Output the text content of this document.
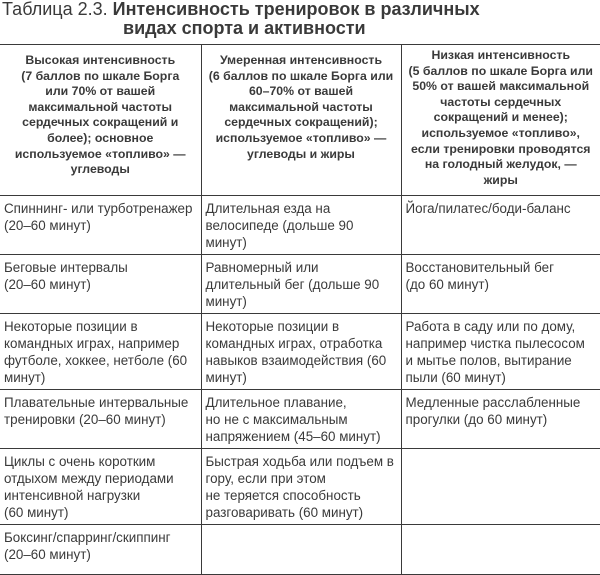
Таблица 2.3. Интенсивность тренировок в различных
видах спорта и активности
Высокая интенсивность
(7 баллов по шкале Борга
или 70% от вашей максимальной частоты сердечных сокращений и более); основное используемое «топливо» — углеводы	Умеренная интенсивность
(6 баллов по шкале Борга или 60–70% от вашей максимальной частоты сердечных сокращений); используемое «топливо» — углеводы и жиры	Низкая интенсивность
(5 баллов по шкале Борга или 50% от вашей максимальной частоты сердечных сокращений и менее); используемое «топливо», если тренировки проводятся на голодный желудок, — жиры

Спиннинг- или турботренажер
(20–60 минут)	Длительная езда на велосипеде (дольше 90 минут)	Йога/пилатес/боди-баланс

Беговые интервалы
(20–60 минут)	Равномерный или длительный бег (дольше 90 минут)	Восстановительный бег
(до 60 минут)

Некоторые позиции в командных играх, например футболе, хоккее, нетболе (60 минут)	Некоторые позиции в командных играх, отработка навыков взаимодействия (60 минут)	Работа в саду или по дому, например чистка пылесосом и мытье полов, вытирание пыли (60 минут)

Плавательные интервальные тренировки (20–60 минут)	Длительное плавание,
но не с максимальным напряжением (45–60 минут)	Медленные расслабленные прогулки (до 60 минут)

Циклы с очень коротким отдыхом между периодами интенсивной нагрузки
(60 минут)	Быстрая ходьба или подъем в гору, если при этом
не теряется способность разговаривать (60 минут)	

Боксинг/спарринг/скиппинг
(20–60 минут)		
